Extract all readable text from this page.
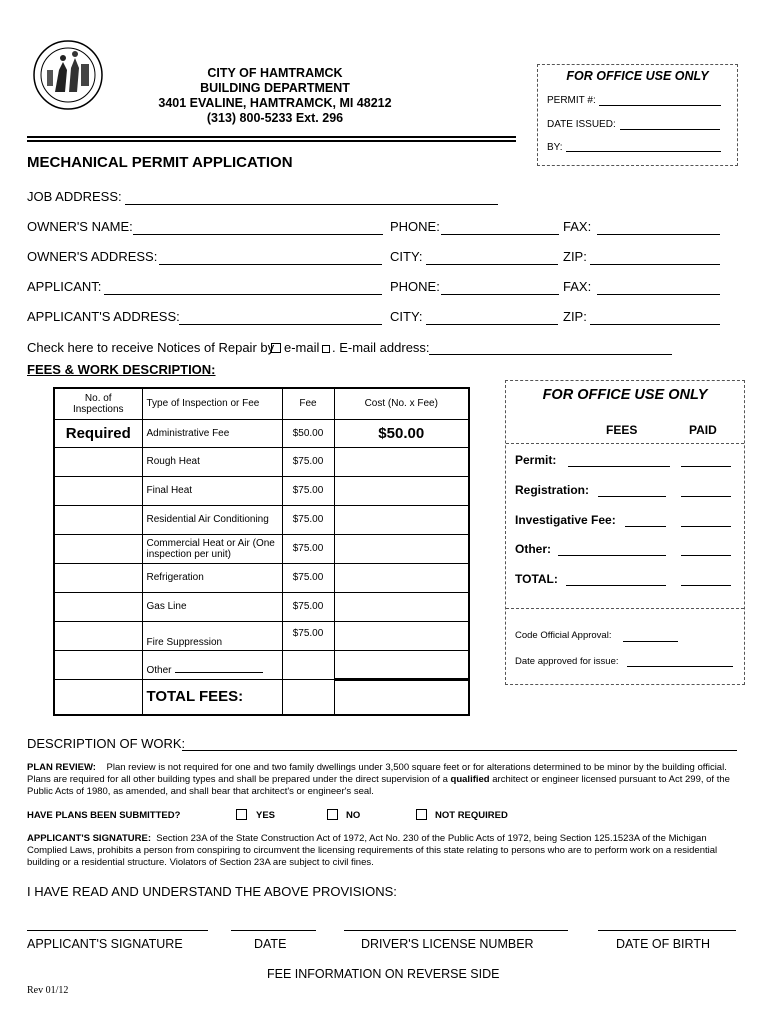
CITY OF HAMTRAMCK
BUILDING DEPARTMENT
3401 EVALINE, HAMTRAMCK, MI 48212
(313) 800-5233 Ext. 296
FOR OFFICE USE ONLY
PERMIT #:
DATE ISSUED:
BY:
MECHANICAL PERMIT APPLICATION
JOB ADDRESS:
OWNER'S NAME:	PHONE:	FAX:
OWNER'S ADDRESS:	CITY:	ZIP:
APPLICANT:	PHONE:	FAX:
APPLICANT'S ADDRESS:	CITY:	ZIP:
Check here to receive Notices of Repair by e-mail . E-mail address:
FEES & WORK DESCRIPTION:
No. of Inspections	Type of Inspection or Fee	Fee	Cost (No. x Fee)
Required	Administrative Fee	$50.00	$50.00
	Rough Heat	$75.00	
	Final Heat	$75.00	
	Residential Air Conditioning	$75.00	
	Commercial Heat or Air (One inspection per unit)	$75.00	
	Refrigeration	$75.00	
	Gas Line	$75.00	
	Fire Suppression	$75.00	
	Other		
	TOTAL FEES:		
FOR OFFICE USE ONLY
FEES	PAID
Permit:
Registration:
Investigative Fee:
Other:
TOTAL:
Code Official Approval:
Date approved for issue:
DESCRIPTION OF WORK:
PLAN REVIEW: Plan review is not required for one and two family dwellings under 3,500 square feet or for alterations determined to be minor by the building official. Plans are required for all other building types and shall be prepared under the direct supervision of a qualified architect or engineer licensed pursuant to Act 299, of the Public Acts of 1980, as amended, and shall bear that architect's or engineer's seal.
HAVE PLANS BEEN SUBMITTED?	YES	NO	NOT REQUIRED
APPLICANT'S SIGNATURE: Section 23A of the State Construction Act of 1972, Act No. 230 of the Public Acts of 1972, being Section 125.1523A of the Michigan Complied Laws, prohibits a person from conspiring to circumvent the licensing requirements of this state relating to persons who are to perform work on a residential building or a residential structure. Violators of Section 23A are subject to civil fines.
I HAVE READ AND UNDERSTAND THE ABOVE PROVISIONS:
APPLICANT'S SIGNATURE	DATE	DRIVER'S LICENSE NUMBER	DATE OF BIRTH
FEE INFORMATION ON REVERSE SIDE
Rev 01/12
